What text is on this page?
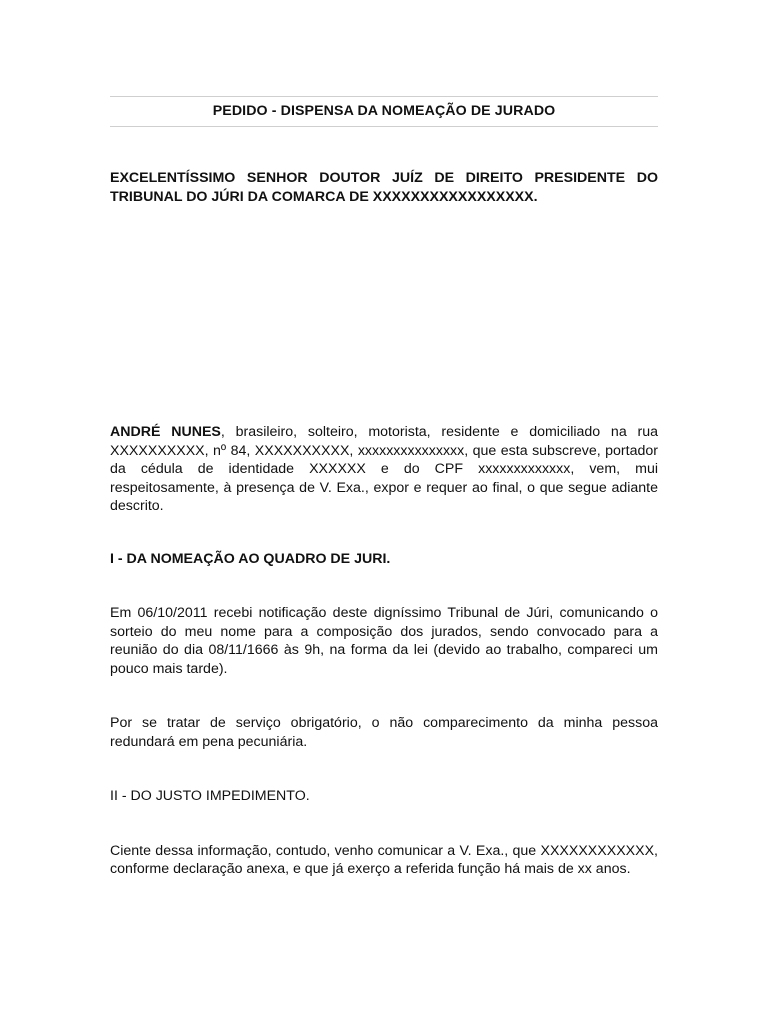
PEDIDO - DISPENSA DA NOMEAÇÃO DE JURADO
EXCELENTÍSSIMO SENHOR DOUTOR JUÍZ DE DIREITO PRESIDENTE DO TRIBUNAL DO JÚRI DA COMARCA DE XXXXXXXXXXXXXXXXX.
ANDRÉ NUNES, brasileiro, solteiro, motorista, residente e domiciliado na rua XXXXXXXXXX, nº 84, XXXXXXXXXX, xxxxxxxxxxxxxxx, que esta subscreve, portador da cédula de identidade XXXXXX e do CPF xxxxxxxxxxxxx, vem, mui respeitosamente, à presença de V. Exa., expor e requer ao final, o que segue adiante descrito.
I - DA NOMEAÇÃO AO QUADRO DE JURI.
Em 06/10/2011 recebi notificação deste digníssimo Tribunal de Júri, comunicando o sorteio do meu nome para a composição dos jurados, sendo convocado para a reunião do dia 08/11/1666 às 9h, na forma da lei (devido ao trabalho, compareci um pouco mais tarde).
Por se tratar de serviço obrigatório, o não comparecimento da minha pessoa redundará em pena pecuniária.
II - DO JUSTO IMPEDIMENTO.
Ciente dessa informação, contudo, venho comunicar a V. Exa., que XXXXXXXXXXXX, conforme declaração anexa, e que já exerço a referida função há mais de xx anos.
